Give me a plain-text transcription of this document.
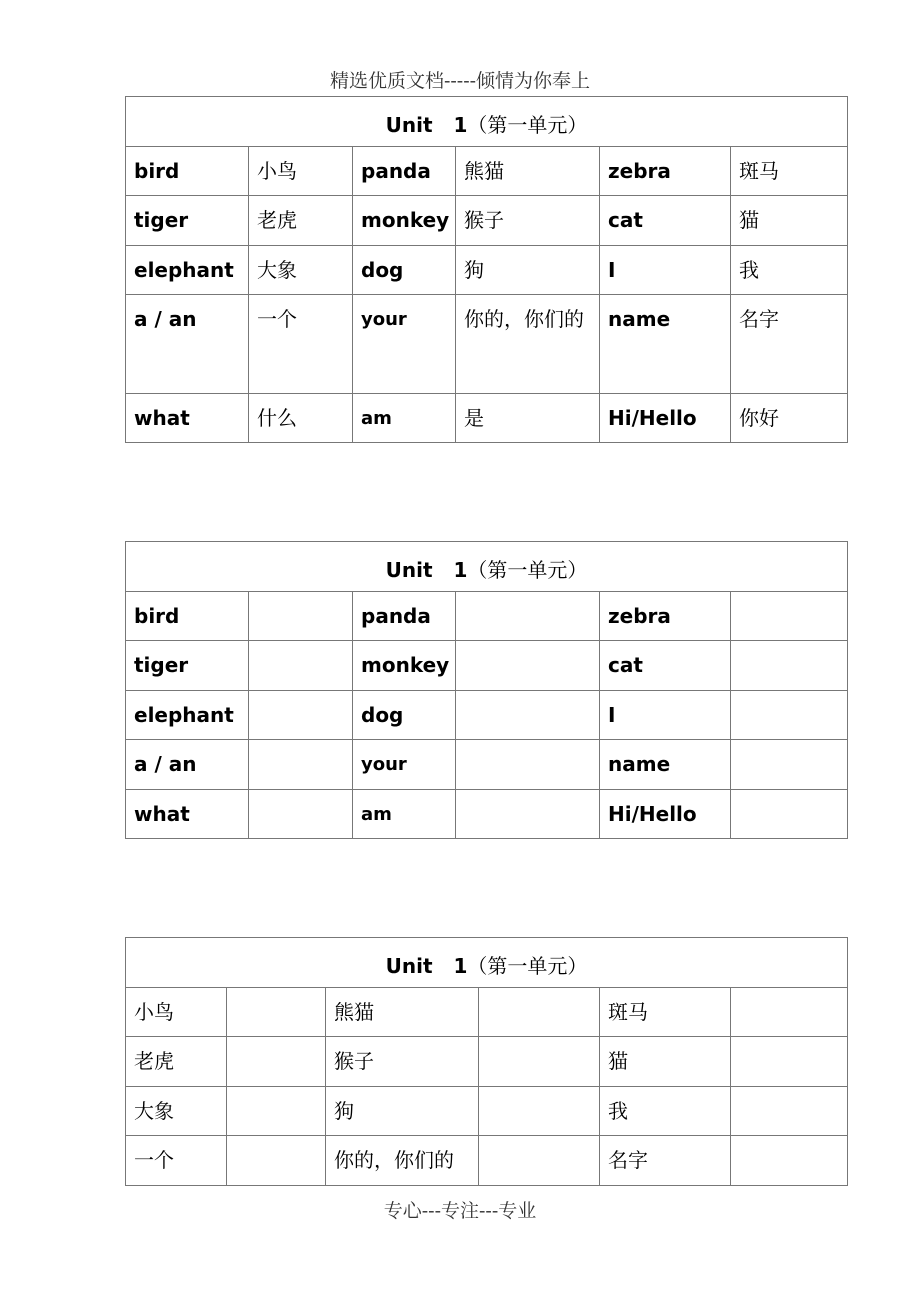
精选优质文档-----倾情为你奉上
Unit   1（第一单元）					
bird	小鸟	panda	熊猫	zebra	斑马
tiger	老虎	monkey	猴子	cat	猫
elephant	大象	dog	狗	I	我
a / an	一个	your	你的，你们的	name	名字
what	什么	am	是	Hi/Hello	你好
Unit   1（第一单元）					
bird		panda		zebra	
tiger		monkey		cat	
elephant		dog		I	
a / an		your		name	
what		am		Hi/Hello	
Unit   1（第一单元）					
小鸟		熊猫		斑马	
老虎		猴子		猫	
大象		狗		我	
一个		你的，你们的		名字	
专心---专注---专业
